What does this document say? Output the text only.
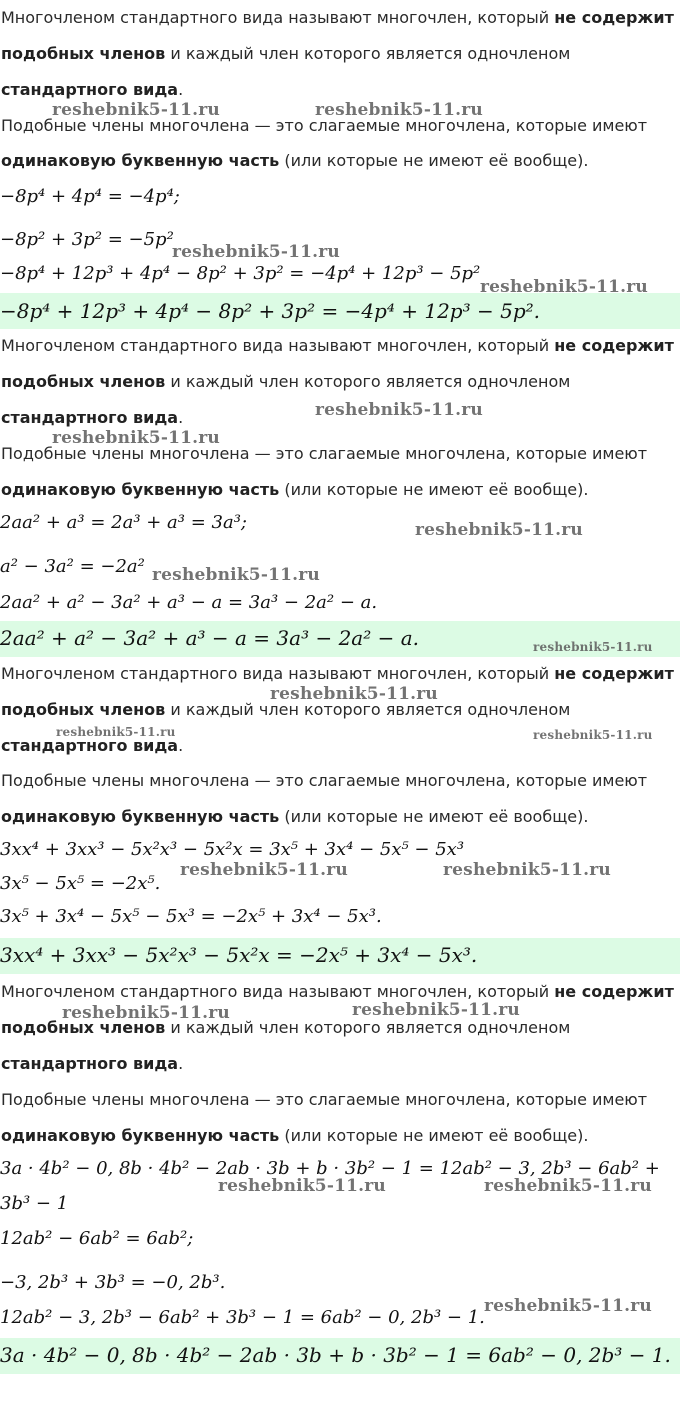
Многочленом стандартного вида называют многочлен, который не содержит
подобных членов и каждый член которого является одночленом
стандартного вида.
Подобные члены многочлена — это слагаемые многочлена, которые имеют
одинаковую буквенную часть (или которые не имеют её вообще).
−8p⁴ + 4p⁴ = −4p⁴;
−8p² + 3p² = −5p²
−8p⁴ + 12p³ + 4p⁴ − 8p² + 3p² = −4p⁴ + 12p³ − 5p²
−8p⁴ + 12p³ + 4p⁴ − 8p² + 3p² = −4p⁴ + 12p³ − 5p².
reshebnik5-11.ru	reshebnik5-11.ru
reshebnik5-11.ru
reshebnik5-11.ru
Многочленом стандартного вида называют многочлен, который не содержит
подобных членов и каждый член которого является одночленом
стандартного вида.
Подобные члены многочлена — это слагаемые многочлена, которые имеют
одинаковую буквенную часть (или которые не имеют её вообще).
2aa² + a³ = 2a³ + a³ = 3a³;
a² − 3a² = −2a²
2aa² + a² − 3a² + a³ − a = 3a³ − 2a² − a.
2aa² + a² − 3a² + a³ − a = 3a³ − 2a² − a.
reshebnik5-11.ru
reshebnik5-11.ru
reshebnik5-11.ru
reshebnik5-11.ru
reshebnik5-11.ru
Многочленом стандартного вида называют многочлен, который не содержит
подобных членов и каждый член которого является одночленом
стандартного вида.
Подобные члены многочлена — это слагаемые многочлена, которые имеют
одинаковую буквенную часть (или которые не имеют её вообще).
3xx⁴ + 3xx³ − 5x²x³ − 5x²x = 3x⁵ + 3x⁴ − 5x⁵ − 5x³
3x⁵ − 5x⁵ = −2x⁵.
3x⁵ + 3x⁴ − 5x⁵ − 5x³ = −2x⁵ + 3x⁴ − 5x³.
3xx⁴ + 3xx³ − 5x²x³ − 5x²x = −2x⁵ + 3x⁴ − 5x³.
reshebnik5-11.ru
reshebnik5-11.ru	reshebnik5-11.ru
reshebnik5-11.ru	reshebnik5-11.ru
Многочленом стандартного вида называют многочлен, который не содержит
подобных членов и каждый член которого является одночленом
стандартного вида.
Подобные члены многочлена — это слагаемые многочлена, которые имеют
одинаковую буквенную часть (или которые не имеют её вообще).
3a · 4b² − 0, 8b · 4b² − 2ab · 3b + b · 3b² − 1 = 12ab² − 3, 2b³ − 6ab² +
3b³ − 1
12ab² − 6ab² = 6ab²;
−3, 2b³ + 3b³ = −0, 2b³.
12ab² − 3, 2b³ − 6ab² + 3b³ − 1 = 6ab² − 0, 2b³ − 1.
3a · 4b² − 0, 8b · 4b² − 2ab · 3b + b · 3b² − 1 = 6ab² − 0, 2b³ − 1.
reshebnik5-11.ru	reshebnik5-11.ru
reshebnik5-11.ru	reshebnik5-11.ru
reshebnik5-11.ru
